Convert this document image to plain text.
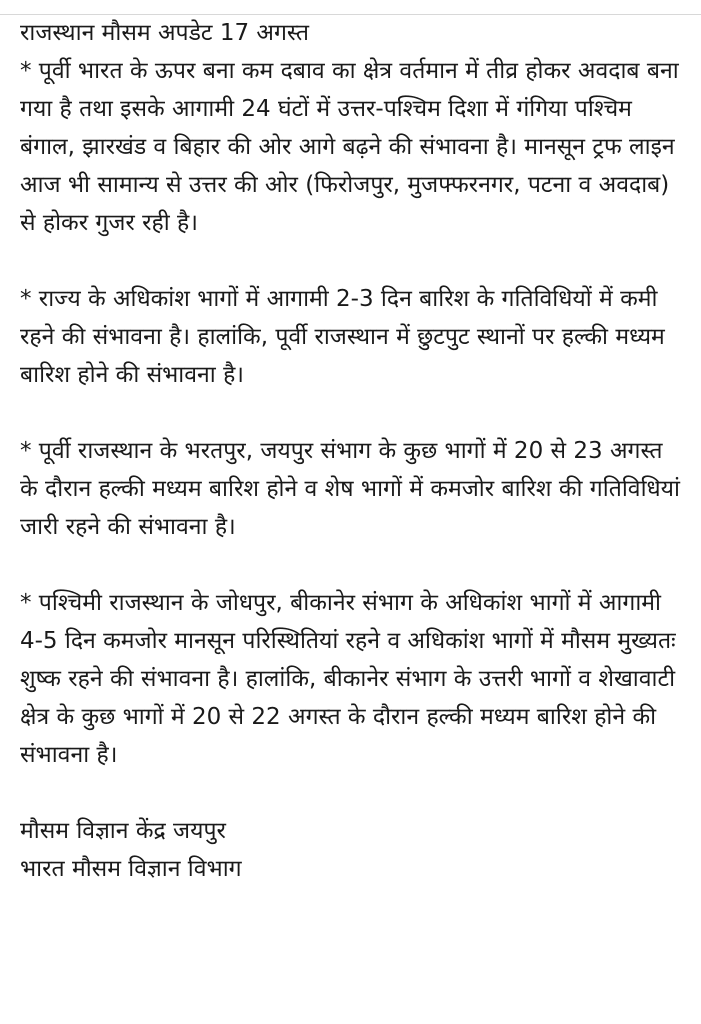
राजस्थान मौसम अपडेट 17 अगस्त

* पूर्वी भारत के ऊपर बना कम दबाव का क्षेत्र वर्तमान में तीव्र होकर अवदाब बना गया है तथा इसके आगामी 24 घंटों में उत्तर-पश्चिम दिशा में गंगिया पश्चिम बंगाल, झारखंड व बिहार की ओर आगे बढ़ने की संभावना है। मानसून ट्रफ लाइन आज भी सामान्य से उत्तर की ओर (फिरोजपुर, मुजफ्फरनगर, पटना व अवदाब) से होकर गुजर रही है।

* राज्य के अधिकांश भागों में आगामी 2-3 दिन बारिश के गतिविधियों में कमी रहने की संभावना है। हालांकि, पूर्वी राजस्थान में छुटपुट स्थानों पर हल्की मध्यम बारिश होने की संभावना है।

* पूर्वी राजस्थान के भरतपुर, जयपुर संभाग के कुछ भागों में 20 से 23 अगस्त के दौरान हल्की मध्यम बारिश होने व शेष भागों में कमजोर बारिश की गतिविधियां जारी रहने की संभावना है।

* पश्चिमी राजस्थान के जोधपुर, बीकानेर संभाग के अधिकांश भागों में आगामी 4-5 दिन कमजोर मानसून परिस्थितियां रहने व अधिकांश भागों में मौसम मुख्यतः शुष्क रहने की संभावना है। हालांकि, बीकानेर संभाग के उत्तरी भागों व शेखावाटी क्षेत्र के कुछ भागों में 20 से 22 अगस्त के दौरान हल्की मध्यम बारिश होने की संभावना है।

मौसम विज्ञान केंद्र जयपुर

भारत मौसम विज्ञान विभाग
